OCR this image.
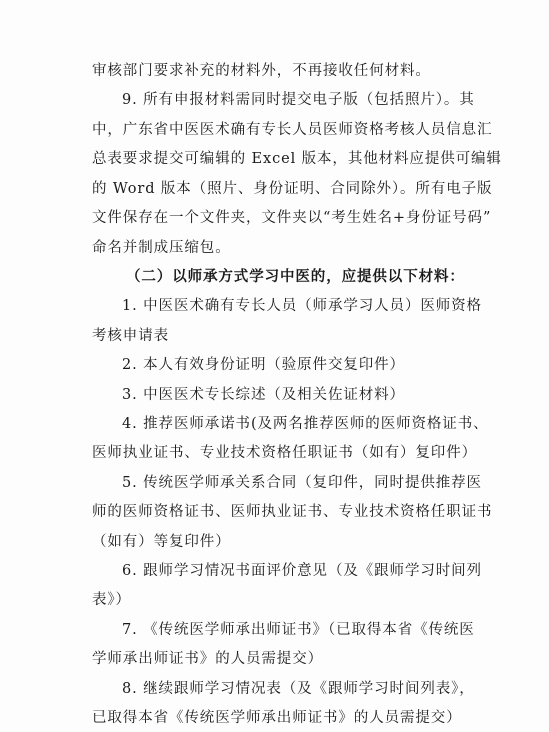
审核部门要求补充的材料外，不再接收任何材料。
9. 所有申报材料需同时提交电子版（包括照片）。其
中，广东省中医医术确有专长人员医师资格考核人员信息汇
总表要求提交可编辑的 Excel 版本，其他材料应提供可编辑
的 Word 版本（照片、身份证明、合同除外）。所有电子版
文件保存在一个文件夹，文件夹以“考生姓名+身份证号码”
命名并制成压缩包。
（二）以师承方式学习中医的，应提供以下材料：
1. 中医医术确有专长人员（师承学习人员）医师资格
考核申请表
2. 本人有效身份证明（验原件交复印件）
3. 中医医术专长综述（及相关佐证材料）
4. 推荐医师承诺书(及两名推荐医师的医师资格证书、
医师执业证书、专业技术资格任职证书（如有）复印件）
5. 传统医学师承关系合同（复印件，同时提供推荐医
师的医师资格证书、医师执业证书、专业技术资格任职证书
（如有）等复印件）
6. 跟师学习情况书面评价意见（及《跟师学习时间列
表》）
7. 《传统医学师承出师证书》（已取得本省《传统医
学师承出师证书》的人员需提交）
8. 继续跟师学习情况表（及《跟师学习时间列表》，
已取得本省《传统医学师承出师证书》的人员需提交）
